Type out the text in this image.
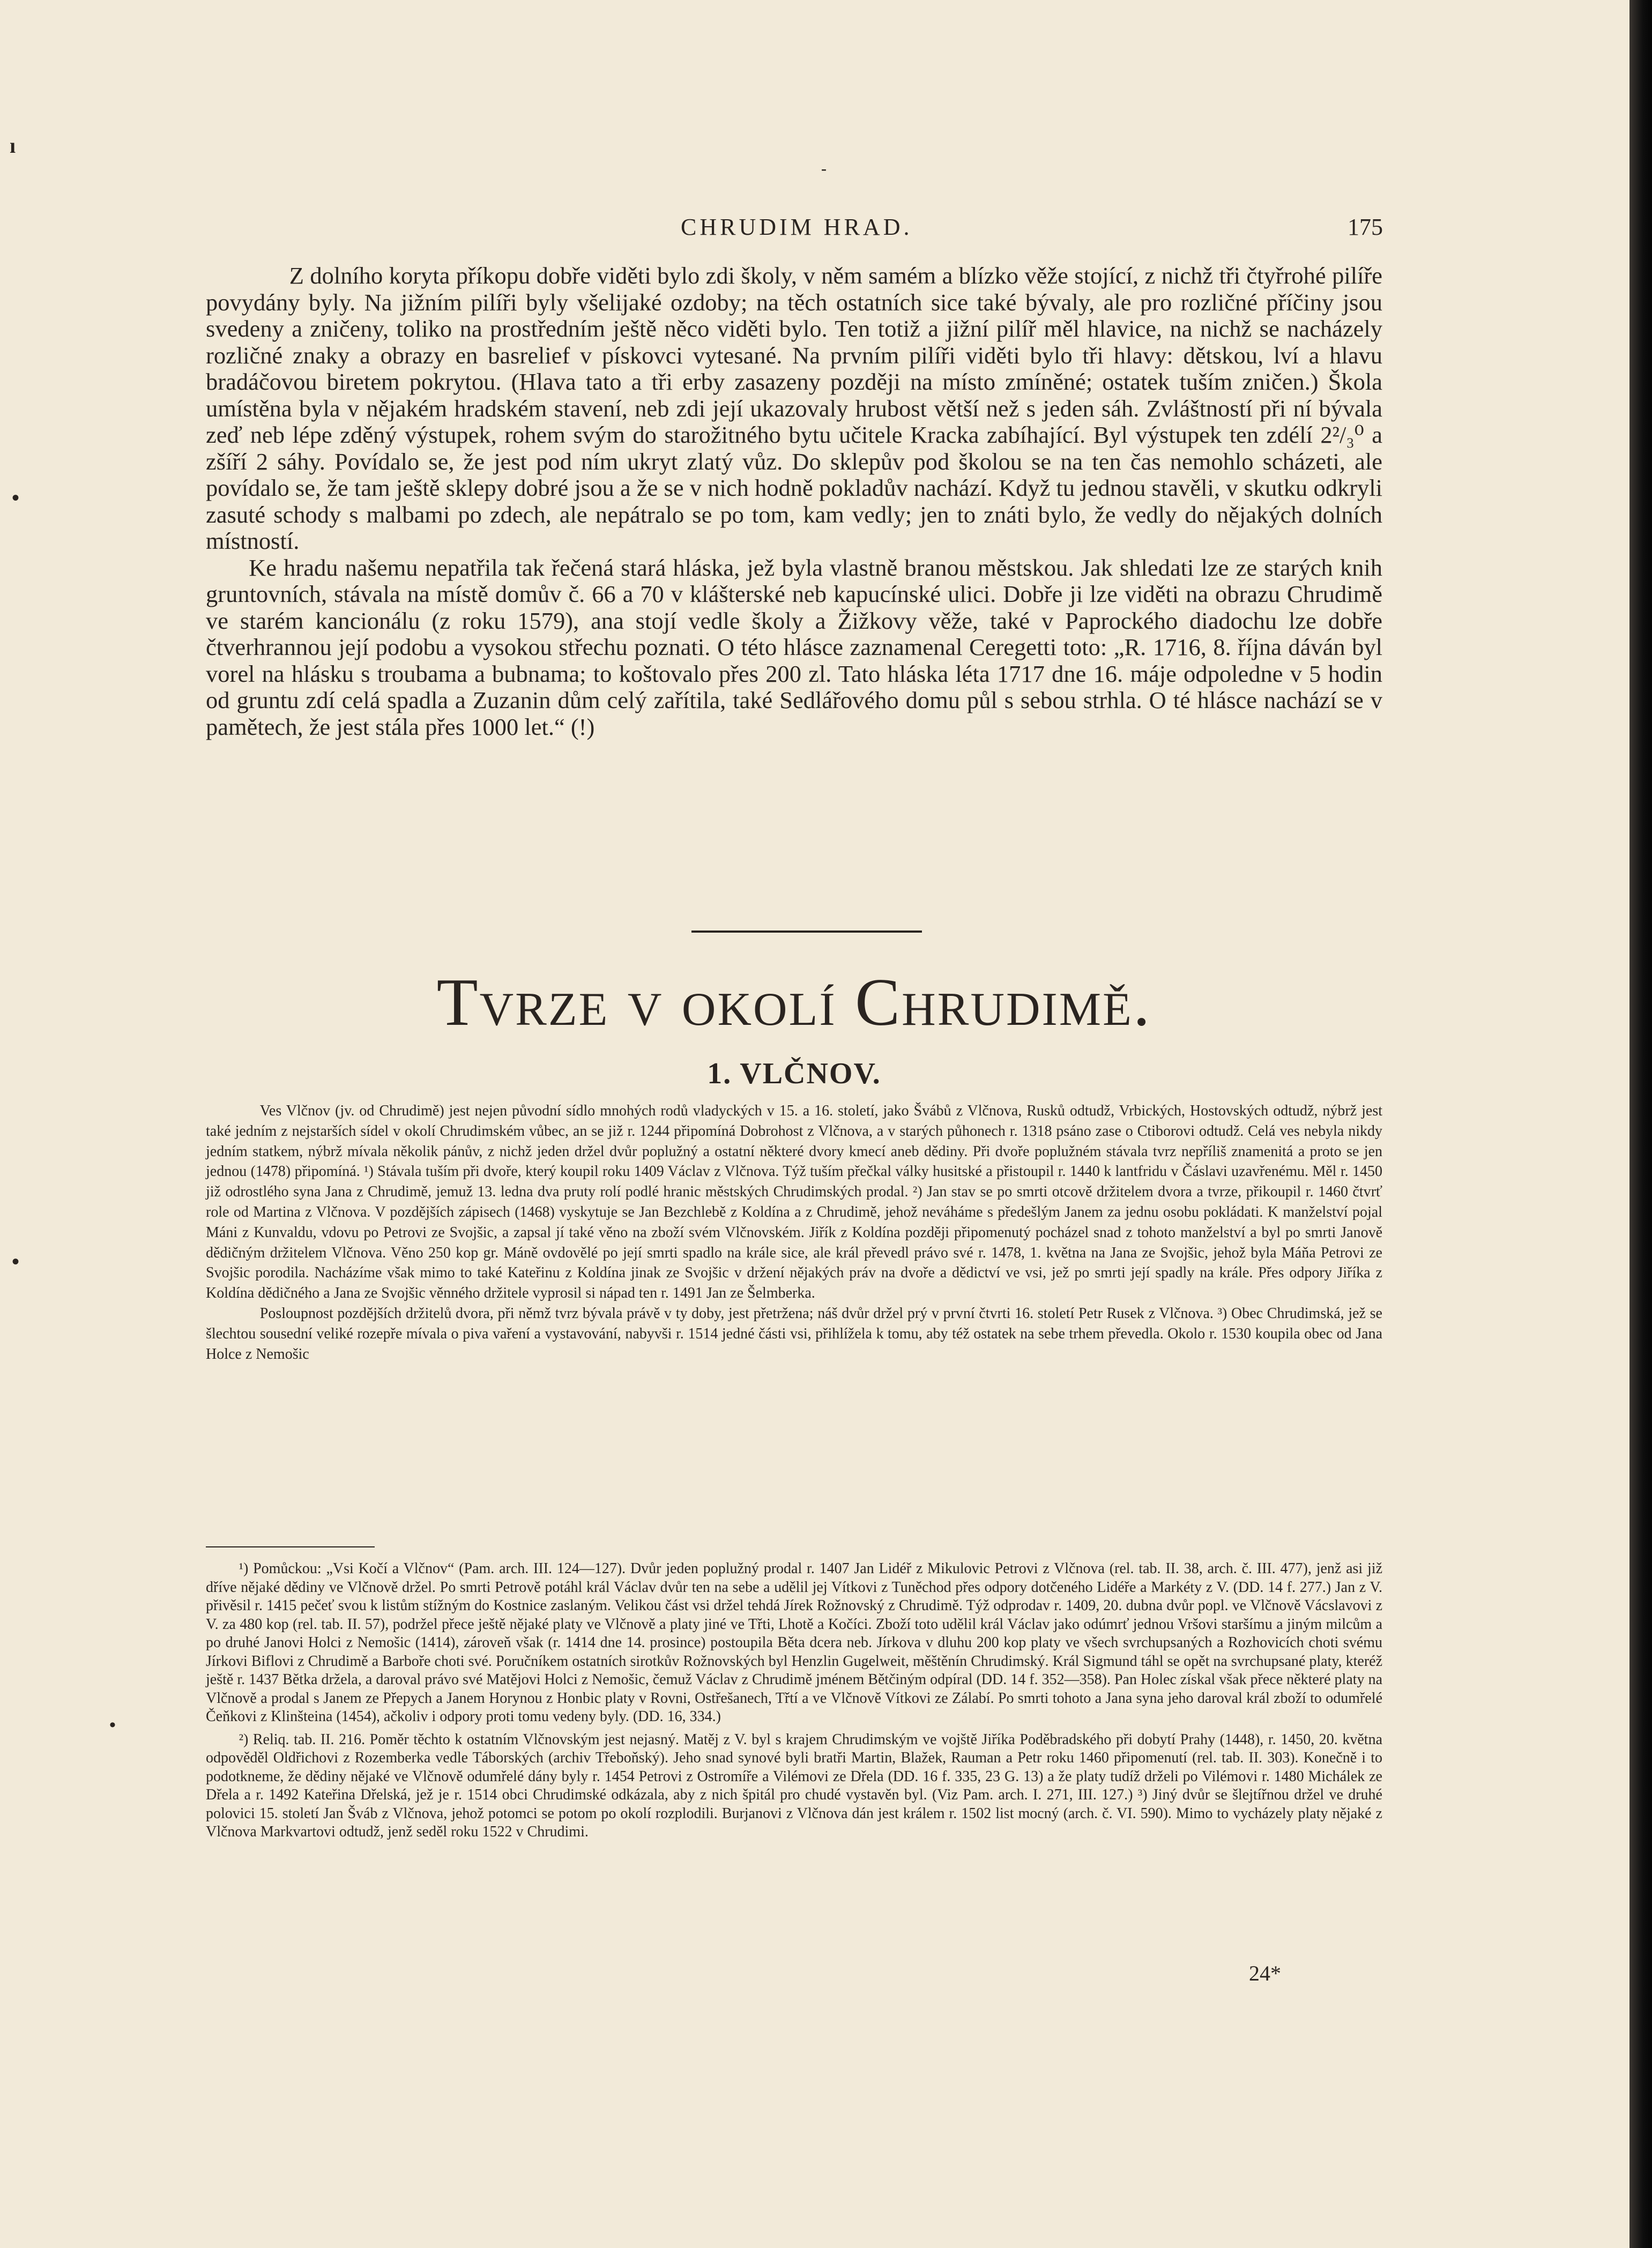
ı
•
•
•
-
CHRUDIM HRAD.	175

Z dolního koryta příkopu dobře viděti bylo zdi školy, v něm samém a blízko věže stojící, z nichž tři čtyřrohé pilíře povydány byly. Na jižním pilíři byly všelijaké ozdoby; na těch ostatních sice také bývaly, ale pro rozličné příčiny jsou svedeny a zničeny, toliko na prostředním ještě něco viděti bylo. Ten totiž a jižní pilíř měl hlavice, na nichž se nacházely rozličné znaky a obrazy en basrelief v pískovci vytesané. Na prvním pilíři viděti bylo tři hlavy: dětskou, lví a hlavu bradáčovou biretem pokrytou. (Hlava tato a tři erby zasazeny později na místo zmíněné; ostatek tuším zničen.) Škola umístěna byla v nějakém hradském stavení, neb zdi její ukazovaly hrubost větší než s jeden sáh. Zvláštností při ní bývala zeď neb lépe zděný výstupek, rohem svým do starožitného bytu učitele Kracka zabíhající. Byl výstupek ten zdélí 2²/₃⁰ a zšíří 2 sáhy. Povídalo se, že jest pod ním ukryt zlatý vůz. Do sklepův pod školou se na ten čas nemohlo scházeti, ale povídalo se, že tam ještě sklepy dobré jsou a že se v nich hodně pokladův nachází. Když tu jednou stavěli, v skutku odkryli zasuté schody s malbami po zdech, ale nepátralo se po tom, kam vedly; jen to znáti bylo, že vedly do nějakých dolních místností.

Ke hradu našemu nepatřila tak řečená stará hláska, jež byla vlastně branou městskou. Jak shledati lze ze starých knih gruntovních, stávala na místě domův č. 66 a 70 v klášterské neb kapucínské ulici. Dobře ji lze viděti na obrazu Chrudimě ve starém kancionálu (z roku 1579), ana stojí vedle školy a Žižkovy věže, také v Paprockého diadochu lze dobře čtverhrannou její podobu a vysokou střechu poznati. O této hlásce zaznamenal Ceregetti toto: „R. 1716, 8. října dáván byl vorel na hlásku s troubama a bubnama; to koštovalo přes 200 zl. Tato hláska léta 1717 dne 16. máje odpoledne v 5 hodin od gruntu zdí celá spadla a Zuzanin dům celý zařítila, také Sedlářového domu půl s sebou strhla. O té hlásce nachází se v pamětech, že jest stála přes 1000 let.“ (!)

Tvrze v okolí Chrudimě.
1. VLČNOV.

Ves Vlčnov (jv. od Chrudimě) jest nejen původní sídlo mnohých rodů vladyckých v 15. a 16. století, jako Švábů z Vlčnova, Rusků odtudž, Vrbických, Hostovských odtudž, nýbrž jest také jedním z nejstarších sídel v okolí Chrudimském vůbec, an se již r. 1244 připomíná Dobrohost z Vlčnova, a v starých půhonech r. 1318 psáno zase o Ctiborovi odtudž. Celá ves nebyla nikdy jedním statkem, nýbrž mívala několik pánův, z nichž jeden držel dvůr poplužný a ostatní některé dvory kmecí aneb dědiny. Při dvoře poplužném stávala tvrz nepříliš znamenitá a proto se jen jednou (1478) připomíná. ¹) Stávala tuším při dvoře, který koupil roku 1409 Václav z Vlčnova. Týž tuším přečkal války husitské a přistoupil r. 1440 k lantfridu v Čáslavi uzavřenému. Měl r. 1450 již odrostlého syna Jana z Chrudimě, jemuž 13. ledna dva pruty rolí podlé hranic městských Chrudimských prodal. ²) Jan stav se po smrti otcově držitelem dvora a tvrze, přikoupil r. 1460 čtvrť role od Martina z Vlčnova. V pozdějších zápisech (1468) vyskytuje se Jan Bezchlebě z Koldína a z Chrudimě, jehož neváháme s předešlým Janem za jednu osobu pokládati. K manželství pojal Máni z Kunvaldu, vdovu po Petrovi ze Svojšic, a zapsal jí také věno na zboží svém Vlčnovském. Jiřík z Koldína později připomenutý pocházel snad z tohoto manželství a byl po smrti Janově dědičným držitelem Vlčnova. Věno 250 kop gr. Máně ovdovělé po její smrti spadlo na krále sice, ale král převedl právo své r. 1478, 1. května na Jana ze Svojšic, jehož byla Máňa Petrovi ze Svojšic porodila. Nacházíme však mimo to také Kateřinu z Koldína jinak ze Svojšic v držení nějakých práv na dvoře a dědictví ve vsi, jež po smrti její spadly na krále. Přes odpory Jiříka z Koldína dědičného a Jana ze Svojšic věnného držitele vyprosil si nápad ten r. 1491 Jan ze Šelmberka.

Posloupnost pozdějších držitelů dvora, při němž tvrz bývala právě v ty doby, jest přetržena; náš dvůr držel prý v první čtvrti 16. století Petr Rusek z Vlčnova. ³) Obec Chrudimská, jež se šlechtou sousední veliké rozepře mívala o piva vaření a vystavování, nabyvši r. 1514 jedné části vsi, přihlížela k tomu, aby též ostatek na sebe trhem převedla. Okolo r. 1530 koupila obec od Jana Holce z Nemošic

¹) Pomůckou: „Vsi Kočí a Vlčnov“ (Pam. arch. III. 124—127). Dvůr jeden poplužný prodal r. 1407 Jan Lidéř z Mikulovic Petrovi z Vlčnova (rel. tab. II. 38, arch. č. III. 477), jenž asi již dříve nějaké dědiny ve Vlčnově držel. Po smrti Petrově potáhl král Václav dvůr ten na sebe a udělil jej Vítkovi z Tuněchod přes odpory dotčeného Lidéře a Markéty z V. (DD. 14 f. 277.) Jan z V. přivěsil r. 1415 pečeť svou k listům stížným do Kostnice zaslaným. Velikou část vsi držel tehdá Jírek Rožnovský z Chrudimě. Týž odprodav r. 1409, 20. dubna dvůr popl. ve Vlčnově Vácslavovi z V. za 480 kop (rel. tab. II. 57), podržel přece ještě nějaké platy ve Vlčnově a platy jiné ve Třti, Lhotě a Kočíci. Zboží toto udělil král Václav jako odúmrť jednou Vršovi staršímu a jiným milcům a po druhé Janovi Holci z Nemošic (1414), zároveň však (r. 1414 dne 14. prosince) postoupila Běta dcera neb. Jírkova v dluhu 200 kop platy ve všech svrchupsaných a Rozhovicích choti svému Jírkovi Biflovi z Chrudimě a Barboře choti své. Poručníkem ostatních sirotkův Rožnovských byl Henzlin Gugelweit, měštěnín Chrudimský. Král Sigmund táhl se opět na svrchupsané platy, kteréž ještě r. 1437 Bětka držela, a daroval právo své Matějovi Holci z Nemošic, čemuž Václav z Chrudimě jménem Bětčiným odpíral (DD. 14 f. 352—358). Pan Holec získal však přece některé platy na Vlčnově a prodal s Janem ze Přepych a Janem Horynou z Honbic platy v Rovni, Ostřešanech, Třtí a ve Vlčnově Vítkovi ze Zálabí. Po smrti tohoto a Jana syna jeho daroval král zboží to odumřelé Čeňkovi z Klinšteina (1454), ačkoliv i odpory proti tomu vedeny byly. (DD. 16, 334.)

²) Reliq. tab. II. 216. Poměr těchto k ostatním Vlčnovským jest nejasný. Matěj z V. byl s krajem Chrudimským ve vojště Jiříka Poděbradského při dobytí Prahy (1448), r. 1450, 20. května odpověděl Oldřichovi z Rozemberka vedle Táborských (archiv Třeboňský). Jeho snad synové byli bratři Martin, Blažek, Rauman a Petr roku 1460 připomenutí (rel. tab. II. 303). Konečně i to podotkneme, že dědiny nějaké ve Vlčnově odumřelé dány byly r. 1454 Petrovi z Ostromíře a Vilémovi ze Dřela (DD. 16 f. 335, 23 G. 13) a že platy tudíž drželi po Vilémovi r. 1480 Michálek ze Dřela a r. 1492 Kateřina Dřelská, jež je r. 1514 obci Chrudimské odkázala, aby z nich špitál pro chudé vystavěn byl. (Viz Pam. arch. I. 271, III. 127.) ³) Jiný dvůr se šlejtířnou držel ve druhé polovici 15. století Jan Šváb z Vlčnova, jehož potomci se potom po okolí rozplodili. Burjanovi z Vlčnova dán jest králem r. 1502 list mocný (arch. č. VI. 590). Mimo to vycházely platy nějaké z Vlčnova Markvartovi odtudž, jenž seděl roku 1522 v Chrudimi.

24*
